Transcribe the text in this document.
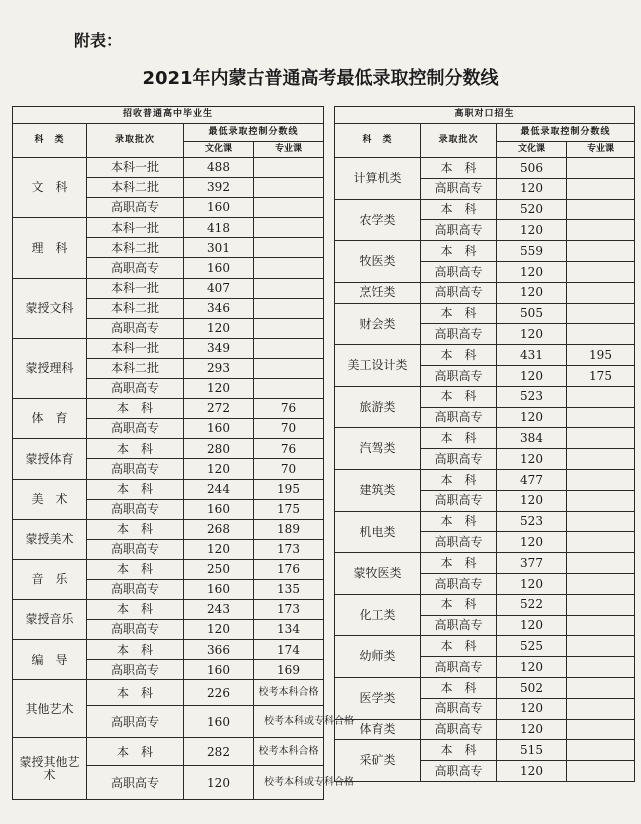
附表：
2021年内蒙古普通高考最低录取控制分数线
招收普通高中毕业生			
科　类	录取批次	最低录取控制分数线	
		文化课	专业课
文　科	本科一批	488	
	本科二批	392	
	高职高专	160	
理　科	本科一批	418	
	本科二批	301	
	高职高专	160	
蒙授文科	本科一批	407	
	本科二批	346	
	高职高专	120	
蒙授理科	本科一批	349	
	本科二批	293	
	高职高专	120	
体　育	本　科	272	76
	高职高专	160	70
蒙授体育	本　科	280	76
	高职高专	120	70
美　术	本　科	244	195
	高职高专	160	175
蒙授美术	本　科	268	189
	高职高专	120	173
音　乐	本　科	250	176
	高职高专	160	135
蒙授音乐	本　科	243	173
	高职高专	120	134
编　导	本　科	366	174
	高职高专	160	169
其他艺术	本　科	226	校考本科合格
	高职高专	160	校考本科或专科合格
蒙授其他艺术	本　科	282	校考本科合格
	高职高专	120	校考本科或专科合格
高职对口招生			
科　类	录取批次	最低录取控制分数线	
		文化课	专业课
计算机类	本　科	506	
	高职高专	120	
农学类	本　科	520	
	高职高专	120	
牧医类	本　科	559	
	高职高专	120	
烹饪类	高职高专	120	
财会类	本　科	505	
	高职高专	120	
美工设计类	本　科	431	195
	高职高专	120	175
旅游类	本　科	523	
	高职高专	120	
汽驾类	本　科	384	
	高职高专	120	
建筑类	本　科	477	
	高职高专	120	
机电类	本　科	523	
	高职高专	120	
蒙牧医类	本　科	377	
	高职高专	120	
化工类	本　科	522	
	高职高专	120	
幼师类	本　科	525	
	高职高专	120	
医学类	本　科	502	
	高职高专	120	
体育类	高职高专	120	
采矿类	本　科	515	
	高职高专	120	
